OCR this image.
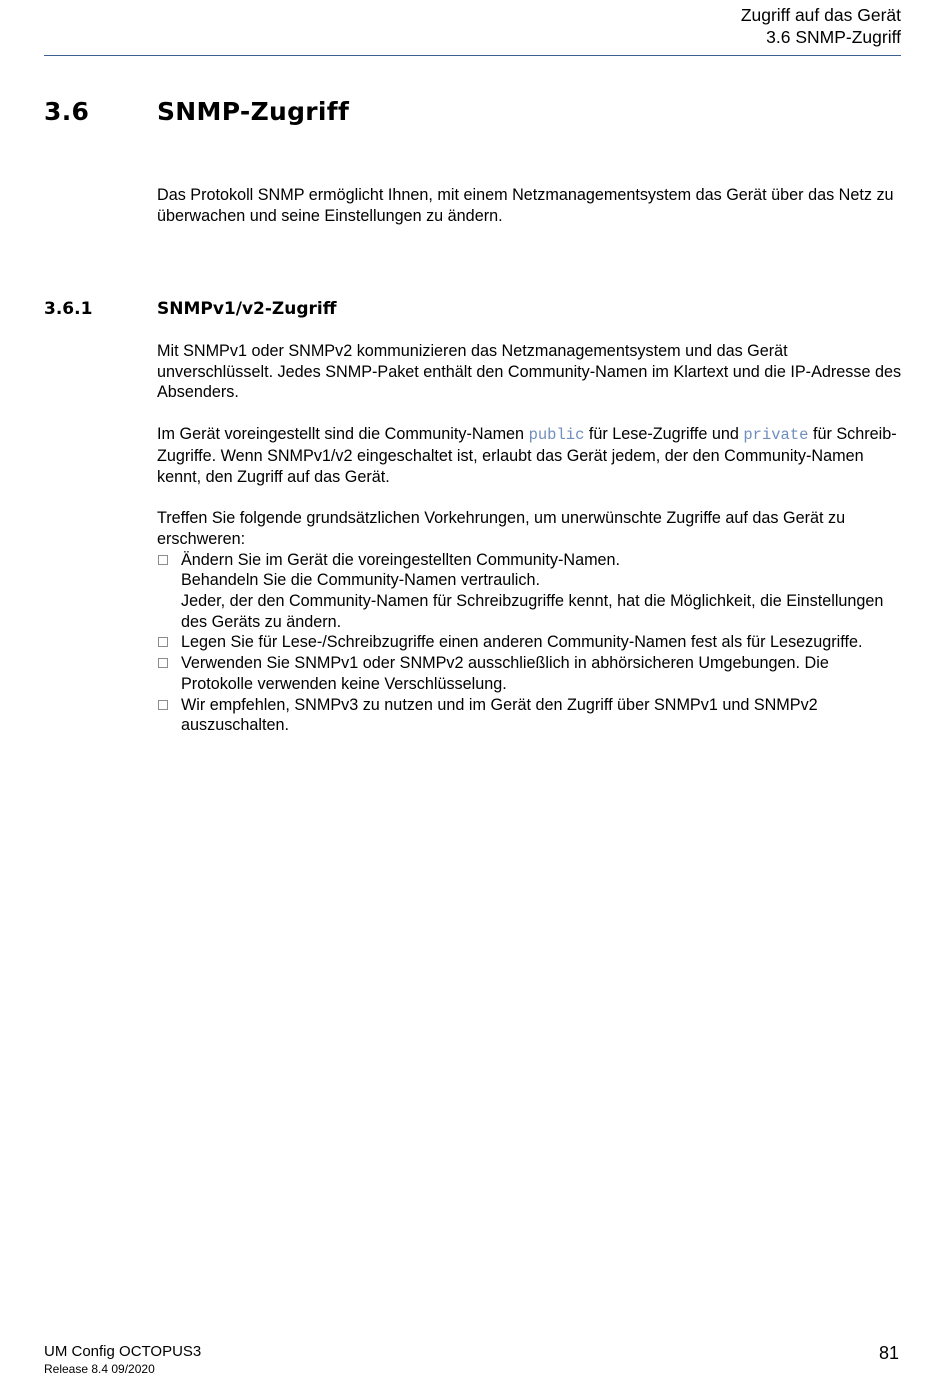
Zugriff auf das Gerät
3.6 SNMP-Zugriff
3.6	SNMP-Zugriff

Das Protokoll SNMP ermöglicht Ihnen, mit einem Netzmanagementsystem das Gerät über das Netz zu überwachen und seine Einstellungen zu ändern.

3.6.1	SNMPv1/v2-Zugriff

Mit SNMPv1 oder SNMPv2 kommunizieren das Netzmanagementsystem und das Gerät unverschlüsselt. Jedes SNMP-Paket enthält den Community-Namen im Klartext und die IP-Adresse des Absenders.

Im Gerät voreingestellt sind die Community-Namen public für Lese-Zugriffe und private für Schreib-Zugriffe. Wenn SNMPv1/v2 eingeschaltet ist, erlaubt das Gerät jedem, der den Community-Namen kennt, den Zugriff auf das Gerät.

Treffen Sie folgende grundsätzlichen Vorkehrungen, um unerwünschte Zugriffe auf das Gerät zu erschweren:

Ändern Sie im Gerät die voreingestellten Community-Namen.
Behandeln Sie die Community-Namen vertraulich.
Jeder, der den Community-Namen für Schreibzugriffe kennt, hat die Möglichkeit, die Einstellungen des Geräts zu ändern.
Legen Sie für Lese-/Schreibzugriffe einen anderen Community-Namen fest als für Lesezugriffe.
Verwenden Sie SNMPv1 oder SNMPv2 ausschließlich in abhörsicheren Umgebungen. Die Protokolle verwenden keine Verschlüsselung.
Wir empfehlen, SNMPv3 zu nutzen und im Gerät den Zugriff über SNMPv1 und SNMPv2 auszuschalten.
UM Config OCTOPUS3
Release 8.4 09/2020
81
